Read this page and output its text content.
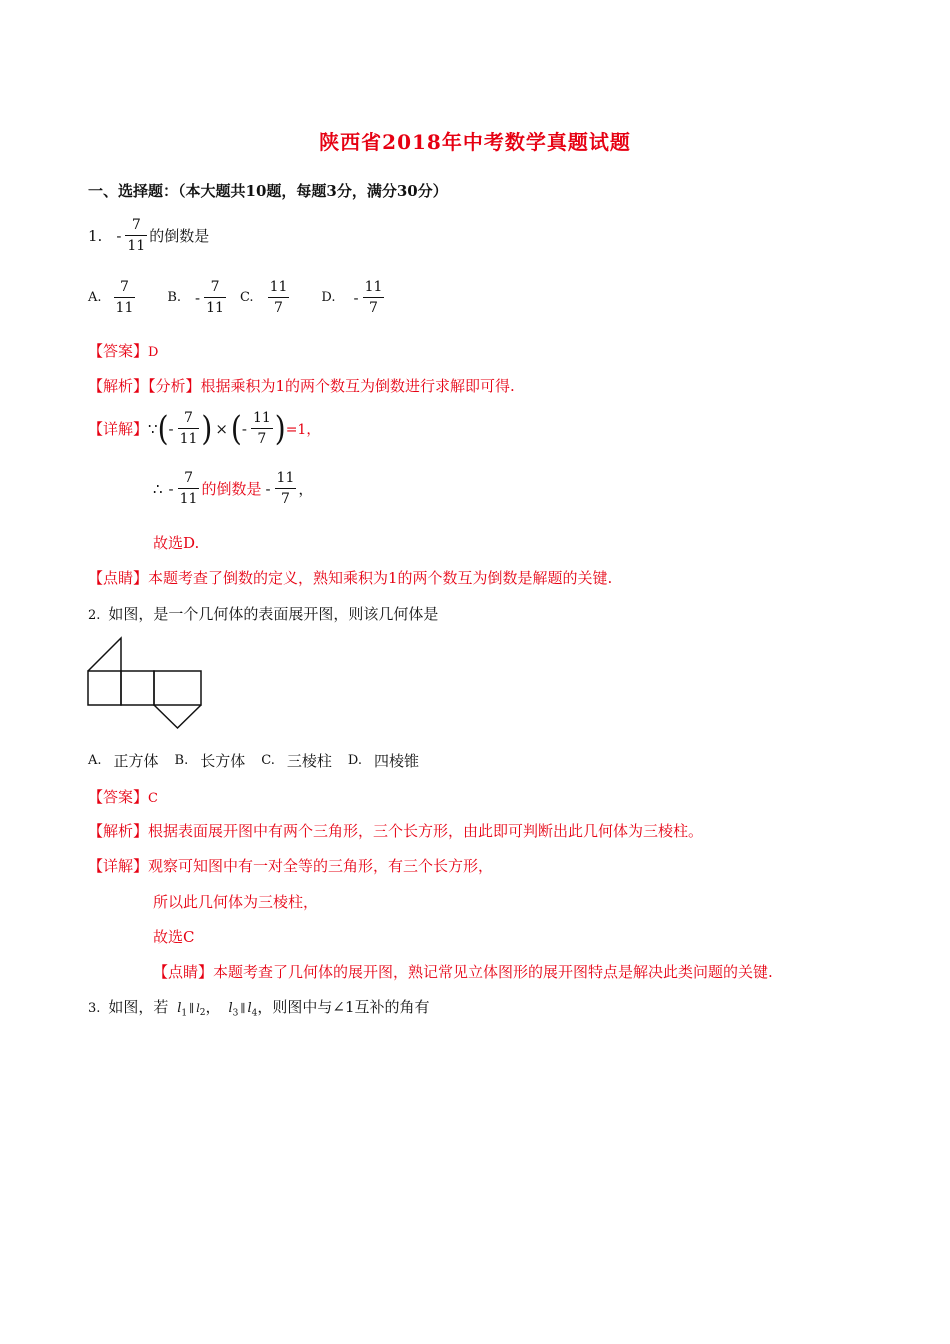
陕西省2018年中考数学真题试题
一、选择题：（本大题共10题，每题3分，满分30分）
1. - $\frac{7}{11}$ 的倒数是
A. $\frac{7}{11} B$. - $\frac{7}{11} C$. $\frac{11}{7} D$. - $\frac{11}{7}$
【答案】D
【解析】【分析】根据乘积为1的两个数互为倒数进行求解即可得.
【详解】 ∵ ( - $\frac{7}{11}$ ) × ( - $\frac{11}{7}$ ) =1，
∴ - $\frac{7}{11}$ 的倒数是 - $\frac{11}{7}$ ，
故选D.
【点睛】本题考查了倒数的定义，熟知乘积为1的两个数互为倒数是解题的关键.
2. 如图，是一个几何体的表面展开图，则该几何体是
A. 正方体 B. 长方体 C. 三棱柱 D. 四棱锥
【答案】C
【解析】根据表面展开图中有两个三角形，三个长方形，由此即可判断出此几何体为三棱柱。
【详解】观察可知图中有一对全等的三角形，有三个长方形，
所以此几何体为三棱柱，
故选C
【点睛】本题考查了几何体的展开图，熟记常见立体图形的展开图特点是解决此类问题的关键.
3. 如图，若 $l_1$ ∥ $l_2$， $l_3$ ∥ $l_4$，则图中与∠1互补的角有
